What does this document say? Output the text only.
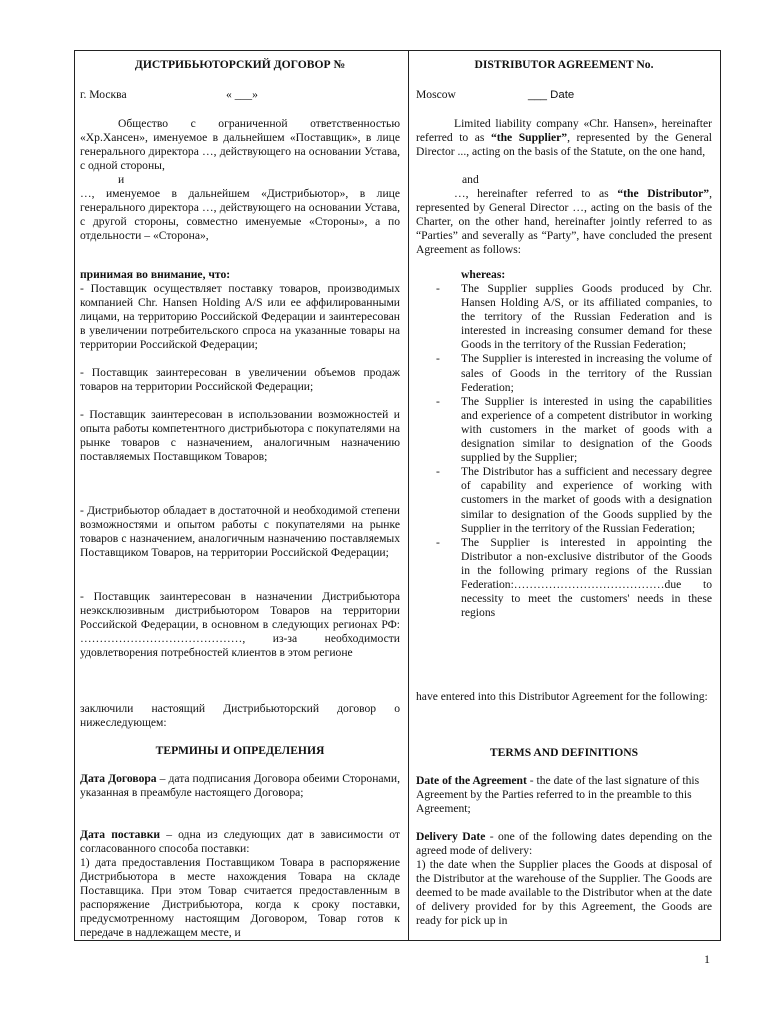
ДИСТРИБЬЮТОРСКИЙ ДОГОВОР №
г. Москва	« ___»
Общество с ограниченной ответственностью «Хр.Хансен», именуемое в дальнейшем «Поставщик», в лице генерального директора …, действующего на основании Устава, с одной стороны,
и
…, именуемое в дальнейшем «Дистрибьютор», в лице генерального директора …, действующего на основании Устава, с другой стороны, совместно именуемые «Стороны», а по отдельности – «Сторона»,
принимая во внимание, что:
- Поставщик осуществляет поставку товаров, производимых компанией Chr. Hansen Holding A/S или ее аффилированными лицами, на территорию Российской Федерации и заинтересован в увеличении потребительского спроса на указанные товары на территории Российской Федерации;
- Поставщик заинтересован в увеличении объемов продаж товаров на территории Российской Федерации;
- Поставщик заинтересован в использовании возможностей и опыта работы компетентного дистрибьютора с покупателями на рынке товаров с назначением, аналогичным назначению поставляемых Поставщиком Товаров;
- Дистрибьютор обладает в достаточной и необходимой степени возможностями и опытом работы с покупателями на рынке товаров с назначением, аналогичным назначению поставляемых Поставщиком Товаров, на территории Российской Федерации;
- Поставщик заинтересован в назначении Дистрибьютора неэксклюзивным дистрибьютором Товаров на территории Российской Федерации, в основном в следующих регионах РФ: ……………………………………, из-за необходимости удовлетворения потребностей клиентов в этом регионе
заключили настоящий Дистрибьюторский договор о нижеследующем:
ТЕРМИНЫ И ОПРЕДЕЛЕНИЯ
Дата Договора – дата подписания Договора обеими Сторонами, указанная в преамбуле настоящего Договора;
Дата поставки – одна из следующих дат в зависимости от согласованного способа поставки:
1) дата предоставления Поставщиком Товара в распоряжение Дистрибьютора в месте нахождения Товара на складе Поставщика. При этом Товар считается предоставленным в распоряжение Дистрибьютора, когда к сроку поставки, предусмотренному настоящим Договором, Товар готов к передаче в надлежащем месте, и
DISTRIBUTOR AGREEMENT No.
Moscow	___ Date
Limited liability company «Chr. Hansen», hereinafter referred to as “the Supplier”, represented by the General Director ..., acting on the basis of the Statute, on the one hand,
and
…, hereinafter referred to as “the Distributor”, represented by General Director …, acting on the basis of the Charter, on the other hand, hereinafter jointly referred to as “Parties” and severally as “Party”, have concluded the present Agreement as follows:
whereas:
- The Supplier supplies Goods produced by Chr. Hansen Holding A/S, or its affiliated companies, to the territory of the Russian Federation and is interested in increasing consumer demand for these Goods in the territory of the Russian Federation;
- The Supplier is interested in increasing the volume of sales of Goods in the territory of the Russian Federation;
- The Supplier is interested in using the capabilities and experience of a competent distributor in working with customers in the market of goods with a designation similar to designation of the Goods supplied by the Supplier;
- The Distributor has a sufficient and necessary degree of capability and experience of working with customers in the market of goods with a designation similar to designation of the Goods supplied by the Supplier in the territory of the Russian Federation;
- The Supplier is interested in appointing the Distributor a non-exclusive distributor of the Goods in the following primary regions of the Russian Federation:…………………………………due to necessity to meet the customers' needs in these regions
have entered into this Distributor Agreement for the following:
TERMS AND DEFINITIONS
Date of the Agreement - the date of the last signature of this Agreement by the Parties referred to in the preamble to this Agreement;
Delivery Date - one of the following dates depending on the agreed mode of delivery:
1) the date when the Supplier places the Goods at disposal of the Distributor at the warehouse of the Supplier. The Goods are deemed to be made available to the Distributor when at the date of delivery provided for by this Agreement, the Goods are ready for pick up in
1
